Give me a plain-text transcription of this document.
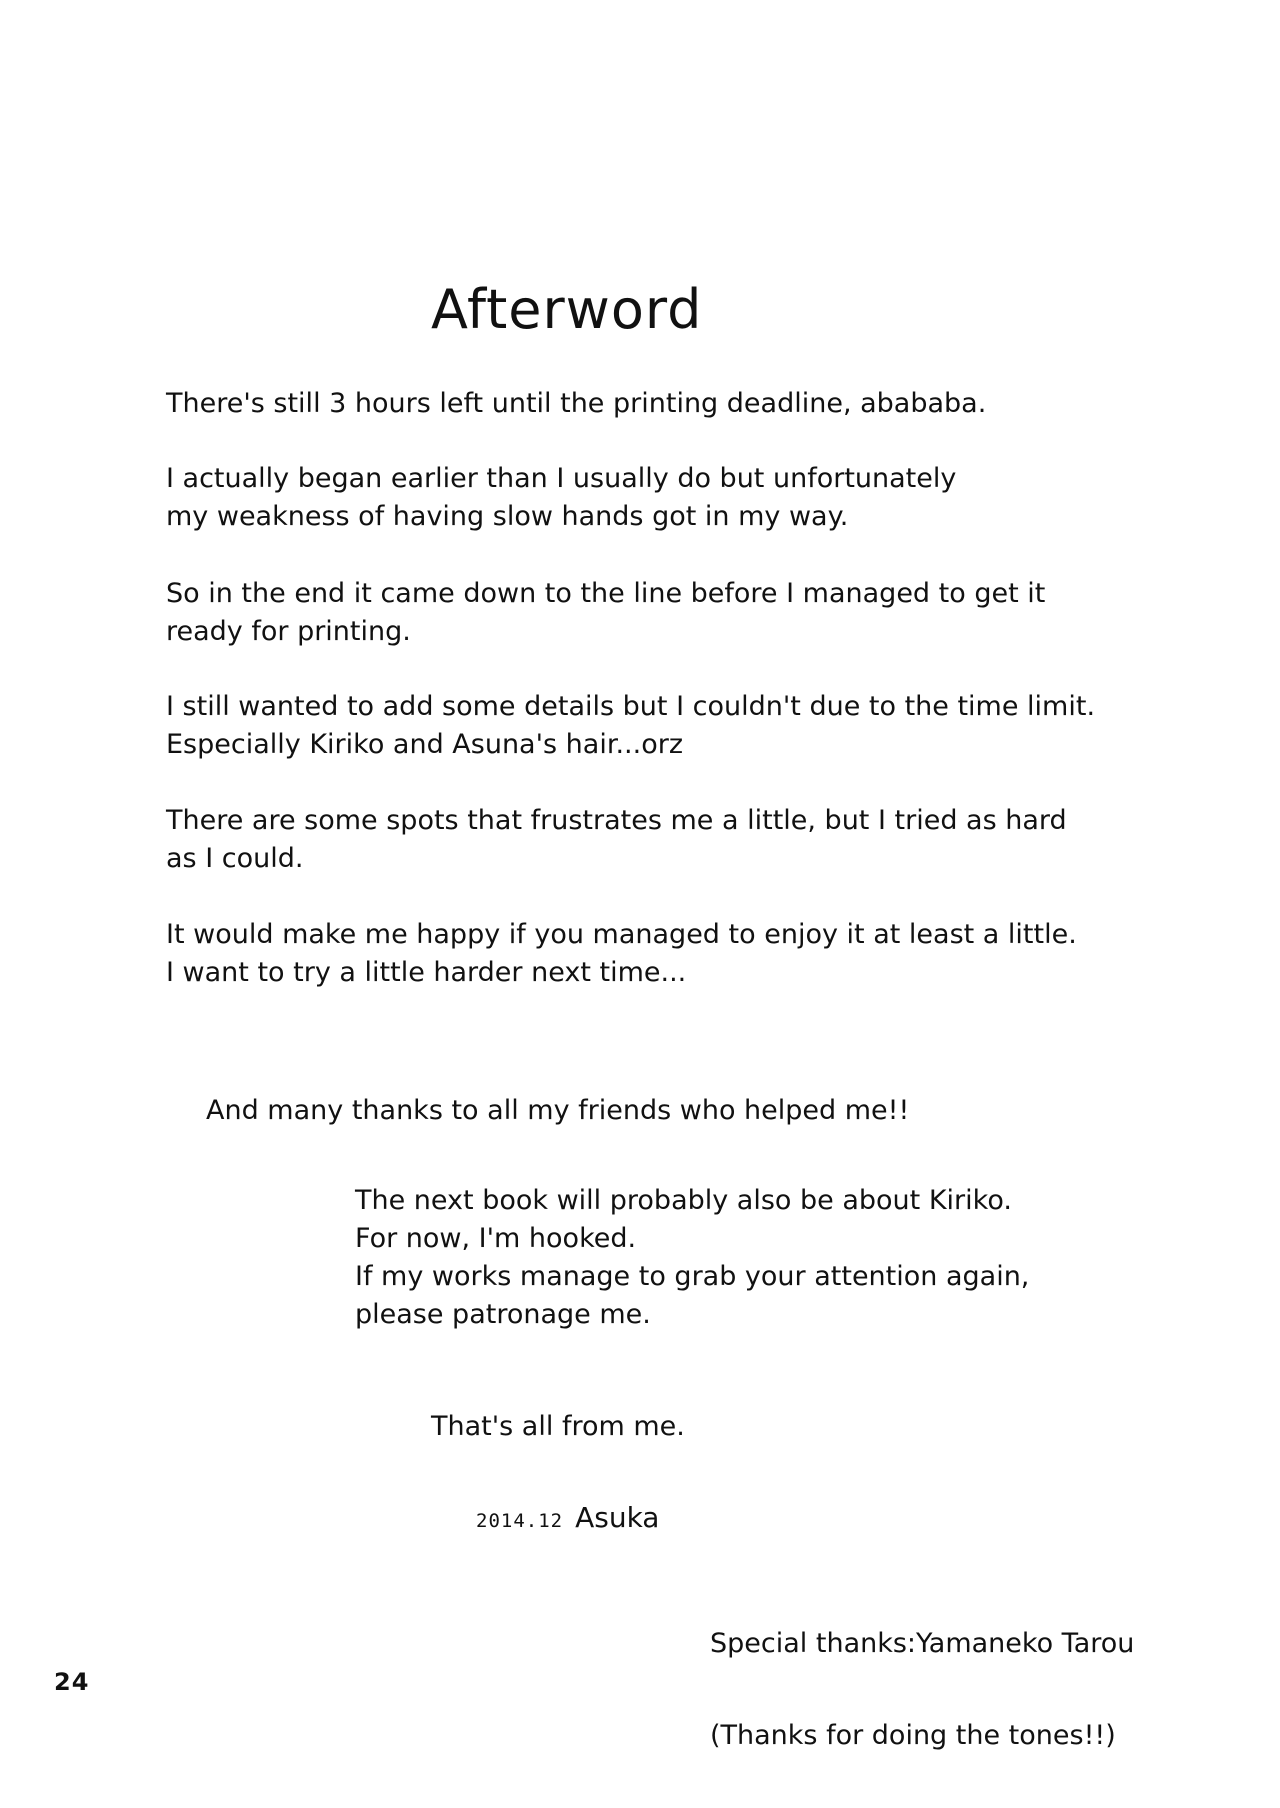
Afterword

There's still 3 hours left until the printing deadline, abababa.

I actually began earlier than I usually do but unfortunately
my weakness of having slow hands got in my way.

So in the end it came down to the line before I managed to get it
ready for printing.

I still wanted to add some details but I couldn't due to the time limit.
Especially Kiriko and Asuna's hair...orz

There are some spots that frustrates me a little, but I tried as hard
as I could.

It would make me happy if you managed to enjoy it at least a little.
I want to try a little harder next time...

And many thanks to all my friends who helped me!!

The next book will probably also be about Kiriko.
For now, I'm hooked.
If my works manage to grab your attention again,
please patronage me.

That's all from me.

2014.12 Asuka

Special thanks:Yamaneko Tarou

(Thanks for doing the tones!!)

24
